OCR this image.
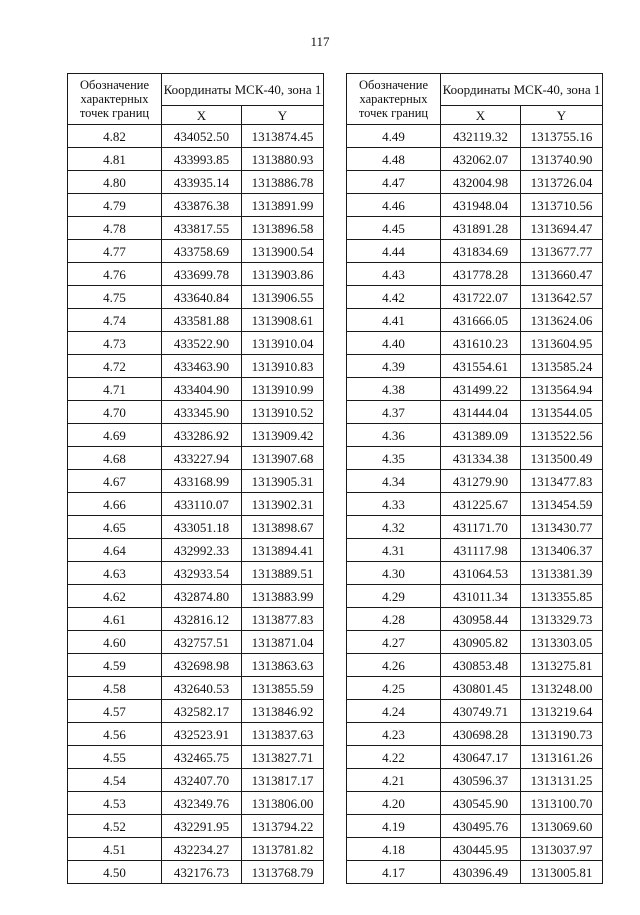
117
Обозначение характерных точек границ	Координаты МСК-40, зона 1	
	X	Y
4.82	434052.50	1313874.45
4.81	433993.85	1313880.93
4.80	433935.14	1313886.78
4.79	433876.38	1313891.99
4.78	433817.55	1313896.58
4.77	433758.69	1313900.54
4.76	433699.78	1313903.86
4.75	433640.84	1313906.55
4.74	433581.88	1313908.61
4.73	433522.90	1313910.04
4.72	433463.90	1313910.83
4.71	433404.90	1313910.99
4.70	433345.90	1313910.52
4.69	433286.92	1313909.42
4.68	433227.94	1313907.68
4.67	433168.99	1313905.31
4.66	433110.07	1313902.31
4.65	433051.18	1313898.67
4.64	432992.33	1313894.41
4.63	432933.54	1313889.51
4.62	432874.80	1313883.99
4.61	432816.12	1313877.83
4.60	432757.51	1313871.04
4.59	432698.98	1313863.63
4.58	432640.53	1313855.59
4.57	432582.17	1313846.92
4.56	432523.91	1313837.63
4.55	432465.75	1313827.71
4.54	432407.70	1313817.17
4.53	432349.76	1313806.00
4.52	432291.95	1313794.22
4.51	432234.27	1313781.82
4.50	432176.73	1313768.79
Обозначение характерных точек границ	Координаты МСК-40, зона 1	
	X	Y
4.49	432119.32	1313755.16
4.48	432062.07	1313740.90
4.47	432004.98	1313726.04
4.46	431948.04	1313710.56
4.45	431891.28	1313694.47
4.44	431834.69	1313677.77
4.43	431778.28	1313660.47
4.42	431722.07	1313642.57
4.41	431666.05	1313624.06
4.40	431610.23	1313604.95
4.39	431554.61	1313585.24
4.38	431499.22	1313564.94
4.37	431444.04	1313544.05
4.36	431389.09	1313522.56
4.35	431334.38	1313500.49
4.34	431279.90	1313477.83
4.33	431225.67	1313454.59
4.32	431171.70	1313430.77
4.31	431117.98	1313406.37
4.30	431064.53	1313381.39
4.29	431011.34	1313355.85
4.28	430958.44	1313329.73
4.27	430905.82	1313303.05
4.26	430853.48	1313275.81
4.25	430801.45	1313248.00
4.24	430749.71	1313219.64
4.23	430698.28	1313190.73
4.22	430647.17	1313161.26
4.21	430596.37	1313131.25
4.20	430545.90	1313100.70
4.19	430495.76	1313069.60
4.18	430445.95	1313037.97
4.17	430396.49	1313005.81
